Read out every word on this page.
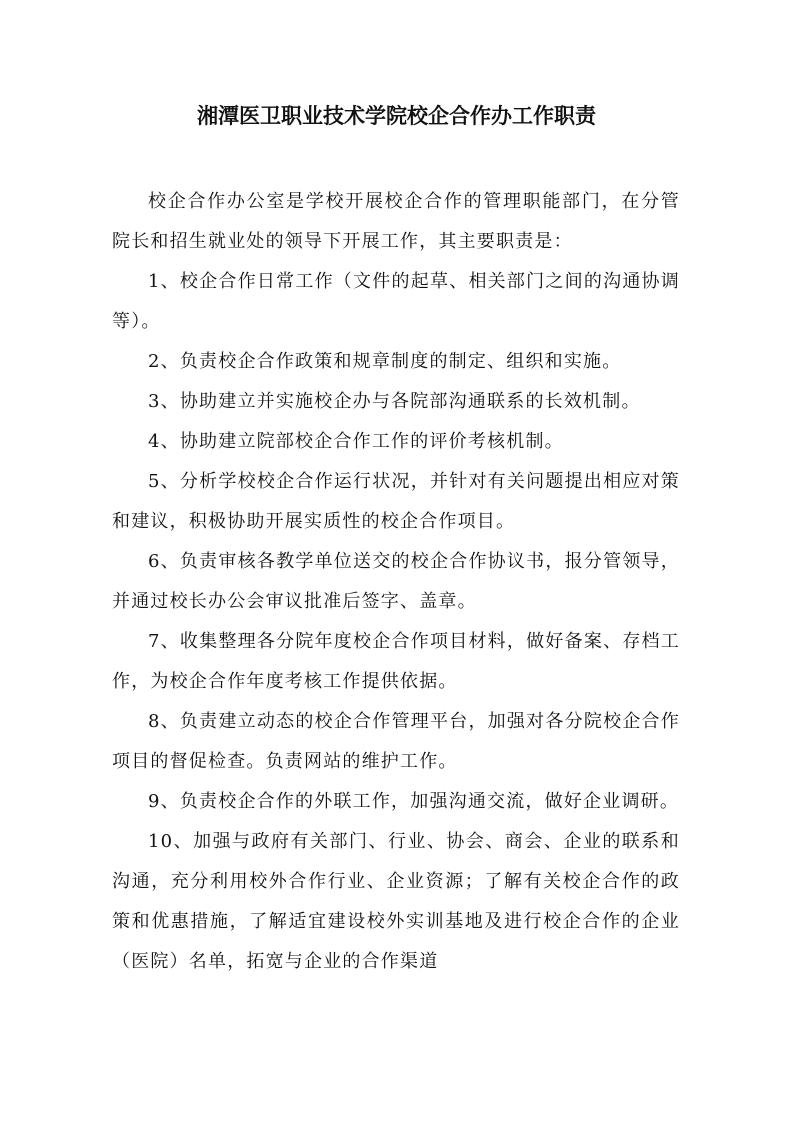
湘潭医卫职业技术学院校企合作办工作职责

校企合作办公室是学校开展校企合作的管理职能部门，在分管院长和招生就业处的领导下开展工作，其主要职责是：

1、校企合作日常工作（文件的起草、相关部门之间的沟通协调等）。

2、负责校企合作政策和规章制度的制定、组织和实施。

3、协助建立并实施校企办与各院部沟通联系的长效机制。

4、协助建立院部校企合作工作的评价考核机制。

5、分析学校校企合作运行状况，并针对有关问题提出相应对策和建议，积极协助开展实质性的校企合作项目。

6、负责审核各教学单位送交的校企合作协议书，报分管领导，并通过校长办公会审议批准后签字、盖章。

7、收集整理各分院年度校企合作项目材料，做好备案、存档工作，为校企合作年度考核工作提供依据。

8、负责建立动态的校企合作管理平台，加强对各分院校企合作项目的督促检查。负责网站的维护工作。

9、负责校企合作的外联工作，加强沟通交流，做好企业调研。

10、加强与政府有关部门、行业、协会、商会、企业的联系和沟通，充分利用校外合作行业、企业资源；了解有关校企合作的政策和优惠措施，了解适宜建设校外实训基地及进行校企合作的企业（医院）名单，拓宽与企业的合作渠道
